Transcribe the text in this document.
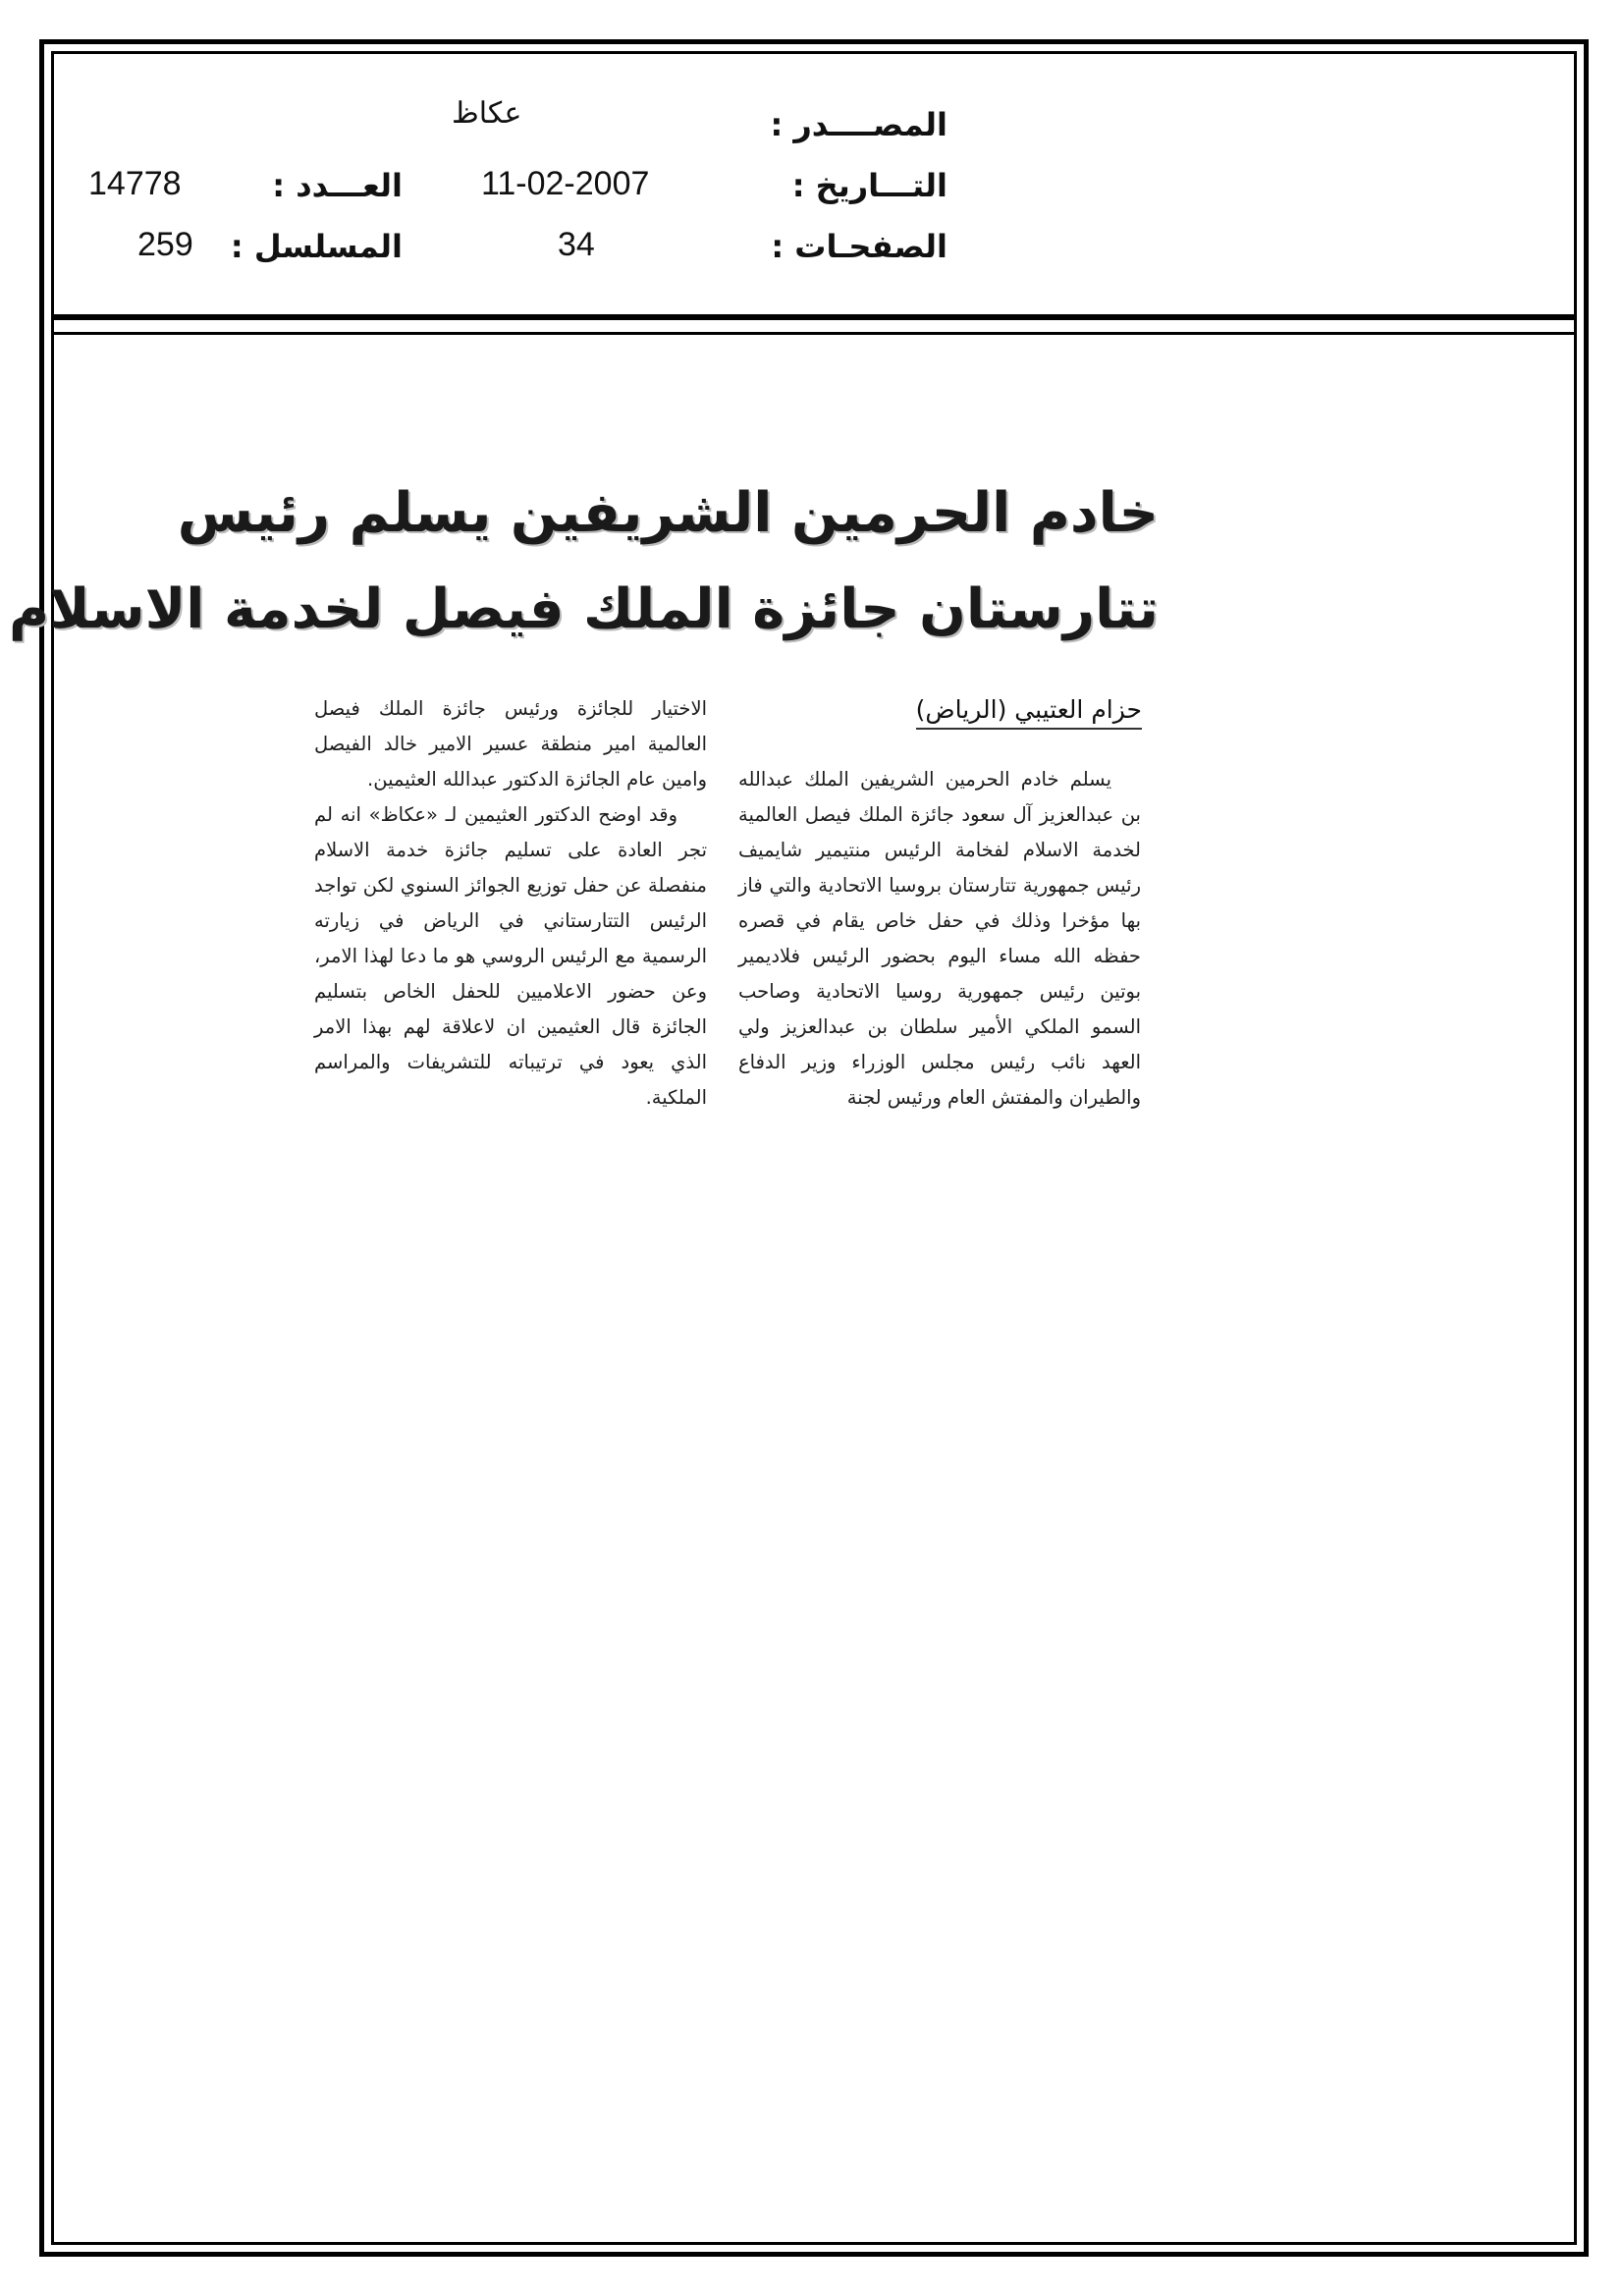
المصــــدر :
عكاظ
التـــاريخ :
11-02-2007
العـــدد :
14778
الصفحـات :
34
المسلسل :
259
خادم الحرمين الشريفين يسلم رئيس
تتارستان جائزة الملك فيصل لخدمة الاسلام
حزام العتيبي (الرياض)

يسلم خادم الحرمين الشريفين الملك عبدالله بن عبدالعزيز آل سعود جائزة الملك فيصل العالمية لخدمة الاسلام لفخامة الرئيس منتيمير شايميف رئيس جمهورية تتارستان بروسيا الاتحادية والتي فاز بها مؤخرا وذلك في حفل خاص يقام في قصره حفظه الله مساء اليوم بحضور الرئيس فلاديمير بوتين رئيس جمهورية روسيا الاتحادية وصاحب السمو الملكي الأمير سلطان بن عبدالعزيز ولي العهد نائب رئيس مجلس الوزراء وزير الدفاع والطيران والمفتش العام ورئيس لجنة

الاختيار للجائزة ورئيس جائزة الملك فيصل العالمية امير منطقة عسير الامير خالد الفيصل وامين عام الجائزة الدكتور عبدالله العثيمين.

وقد اوضح الدكتور العثيمين لـ «عكاظ» انه لم تجر العادة على تسليم جائزة خدمة الاسلام منفصلة عن حفل توزيع الجوائز السنوي لكن تواجد الرئيس التتارستاني في الرياض في زيارته الرسمية مع الرئيس الروسي هو ما دعا لهذا الامر، وعن حضور الاعلاميين للحفل الخاص بتسليم الجائزة قال العثيمين ان لاعلاقة لهم بهذا الامر الذي يعود في ترتيباته للتشريفات والمراسم الملكية.
